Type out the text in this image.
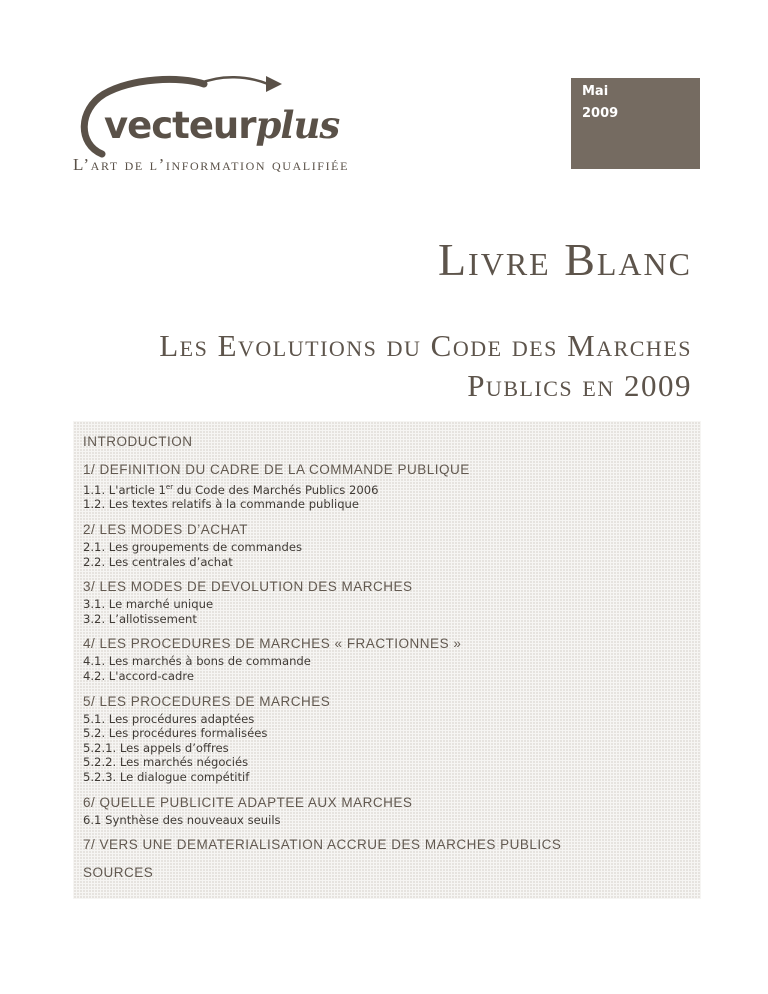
vecteurplus
L’art de l’information qualifiée
Mai
2009
Livre Blanc
Les Evolutions du Code des Marches
Publics en 2009
INTRODUCTION
1/ DEFINITION DU CADRE DE LA COMMANDE PUBLIQUE
1.1. L'article 1er du Code des Marchés Publics 2006
1.2. Les textes relatifs à la commande publique
2/ LES MODES D’ACHAT
2.1. Les groupements de commandes
2.2. Les centrales d’achat
3/ LES MODES DE DEVOLUTION DES MARCHES
3.1. Le marché unique
3.2. L’allotissement
4/ LES PROCEDURES DE MARCHES « FRACTIONNES »
4.1. Les marchés à bons de commande
4.2. L'accord-cadre
5/ LES PROCEDURES DE MARCHES
5.1. Les procédures adaptées
5.2. Les procédures formalisées
5.2.1. Les appels d’offres
5.2.2. Les marchés négociés
5.2.3. Le dialogue compétitif
6/ QUELLE PUBLICITE ADAPTEE AUX MARCHES
6.1 Synthèse des nouveaux seuils
7/ VERS UNE DEMATERIALISATION ACCRUE DES MARCHES PUBLICS
SOURCES
